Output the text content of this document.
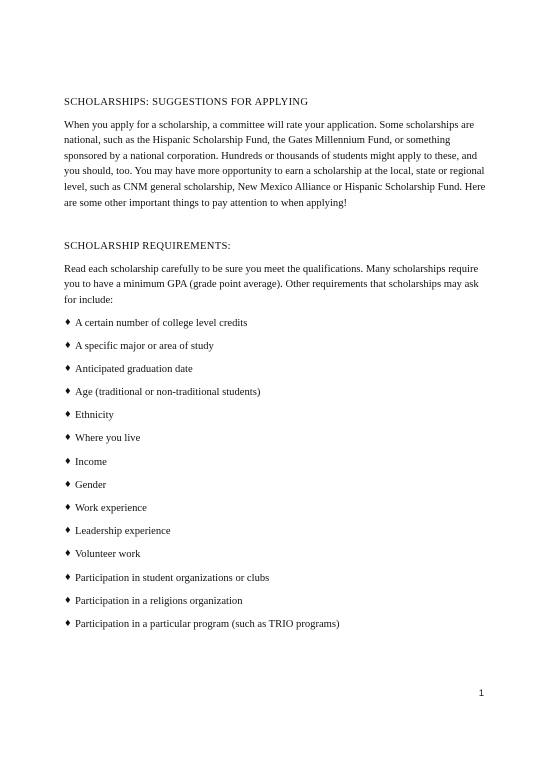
SCHOLARSHIPS: SUGGESTIONS FOR APPLYING
When you apply for a scholarship, a committee will rate your application. Some scholarships are national, such as the Hispanic Scholarship Fund, the Gates Millennium Fund, or something sponsored by a national corporation. Hundreds or thousands of students might apply to these, and you should, too. You may have more opportunity to earn a scholarship at the local, state or regional level, such as CNM general scholarship, New Mexico Alliance or Hispanic Scholarship Fund. Here are some other important things to pay attention to when applying!
SCHOLARSHIP REQUIREMENTS:
Read each scholarship carefully to be sure you meet the qualifications. Many scholarships require you to have a minimum GPA (grade point average). Other requirements that scholarships may ask for include:
♦ A certain number of college level credits
♦ A specific major or area of study
♦ Anticipated graduation date
♦ Age (traditional or non-traditional students)
♦ Ethnicity
♦ Where you live
♦ Income
♦ Gender
♦ Work experience
♦ Leadership experience
♦ Volunteer work
♦ Participation in student organizations or clubs
♦ Participation in a religions organization
♦ Participation in a particular program (such as TRIO programs)
1
